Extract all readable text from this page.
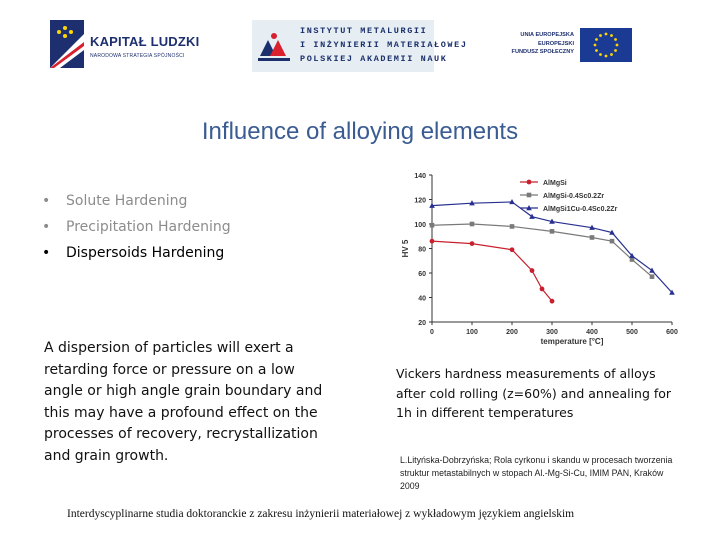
KAPITAŁ LUDZKI
NARODOWA STRATEGIA SPÓJNOŚCI
INSTYTUT METALURGII
I INŻYNIERII MATERIAŁOWEJ
POLSKIEJ AKADEMII NAUK
UNIA EUROPEJSKA
EUROPEJSKI
FUNDUSZ SPOŁECZNY
Influence of alloying elements
• Solute Hardening
• Precipitation Hardening
• Dispersoids Hardening
A dispersion of particles will exert a retarding force or pressure on a low angle or high angle grain boundary and this may have a profound effect on the processes of recovery, recrystallization and grain growth.
20
40
60
80
100
120
140
0	100	200	300	400	500	600
temperature [°C]
HV 5
AlMgSi
AlMgSi-0.4Sc0.2Zr
AlMgSi1Cu-0.4Sc0.2Zr
Vickers hardness measurements of alloys after cold rolling (z=60%) and annealing for 1h in different temperatures
L.Lityńska-Dobrzyńska; Rola cyrkonu i skandu w procesach tworzenia struktur metastabilnych w stopach Al.-Mg-Si-Cu, IMIM PAN, Kraków 2009
Interdyscyplinarne studia doktoranckie z zakresu inżynierii materiałowej z wykładowym językiem angielskim
